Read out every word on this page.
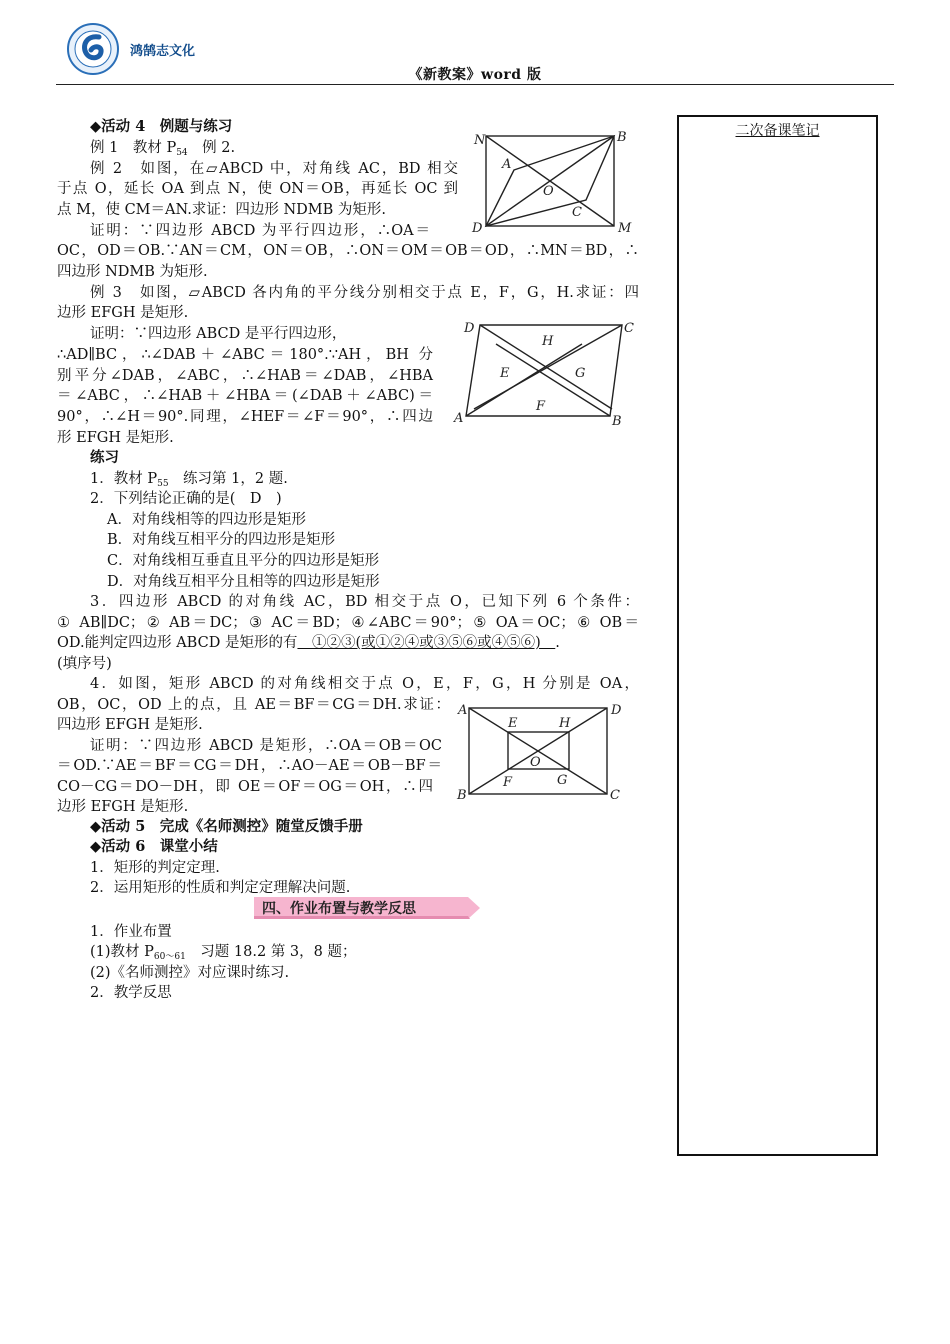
鸿鹄志文化
《新教案》word 版
二次备课笔记
◆活动 4　例题与练习
例 1　教材 $P_{54}$　例 2.
例 2　如图，在▱ABCD 中，对角线 AC，BD 相交
于点 O，延长 OA 到点 N，使 ON＝OB，再延长 OC 到
点 M，使 CM＝AN.求证：四边形 NDMB 为矩形.
证明：∵四边形 ABCD 为平行四边形，∴OA＝
OC，OD＝OB.∵AN＝CM，ON＝OB，∴ON＝OM＝OB＝OD，∴MN＝BD，∴
四边形 NDMB 为矩形.
N	B
A
O
C
D	M
例 3　如图，▱ABCD 各内角的平分线分别相交于点 E，F，G，H.求证：四
边形 EFGH 是矩形.
证明：∵四边形 ABCD 是平行四边形，
∴AD∥BC，∴∠DAB＋∠ABC＝180°.∵AH，BH 分
别平分∠DAB，∠ABC，∴∠HAB＝∠DAB，∠HBA
＝∠ABC，∴∠HAB＋∠HBA＝(∠DAB＋∠ABC)＝
90°，∴∠H＝90°.同理，∠HEF＝∠F＝90°，∴四边
形 EFGH 是矩形.
D	C
H
E	G
F
A	B
练习
1．教材 $P_{55}$　练习第 1，2 题.
2．下列结论正确的是(　D　)
A．对角线相等的四边形是矩形
B．对角线互相平分的四边形是矩形
C．对角线相互垂直且平分的四边形是矩形
D．对角线互相平分且相等的四边形是矩形
3．四边形 ABCD 的对角线 AC，BD 相交于点 O，已知下列 6 个条件：
① AB∥DC；② AB＝DC；③ AC＝BD；④∠ABC＝90°；⑤ OA＝OC；⑥ OB＝
OD.能判定四边形 ABCD 是矩形的有　①②③(或①②④或③⑤⑥或④⑤⑥)　.
(填序号)
4．如图，矩形 ABCD 的对角线相交于点 O，E，F，G，H 分别是 OA，
OB，OC，OD 上的点，且 AE＝BF＝CG＝DH.求证：
四边形 EFGH 是矩形.
证明：∵四边形 ABCD 是矩形，∴OA＝OB＝OC
＝OD.∵AE＝BF＝CG＝DH，∴AO－AE＝OB－BF＝
CO－CG＝DO－DH，即 OE＝OF＝OG＝OH，∴四
边形 EFGH 是矩形.
A	D
E	H
O
F	G
B	C
◆活动 5　完成《名师测控》随堂反馈手册
◆活动 6　课堂小结
1．矩形的判定定理.
2．运用矩形的性质和判定定理解决问题.
四、作业布置与教学反思
1．作业布置
(1)教材 $P_{60\sim 61}$　习题 18.2 第 3，8 题；
(2)《名师测控》对应课时练习.
2．教学反思
